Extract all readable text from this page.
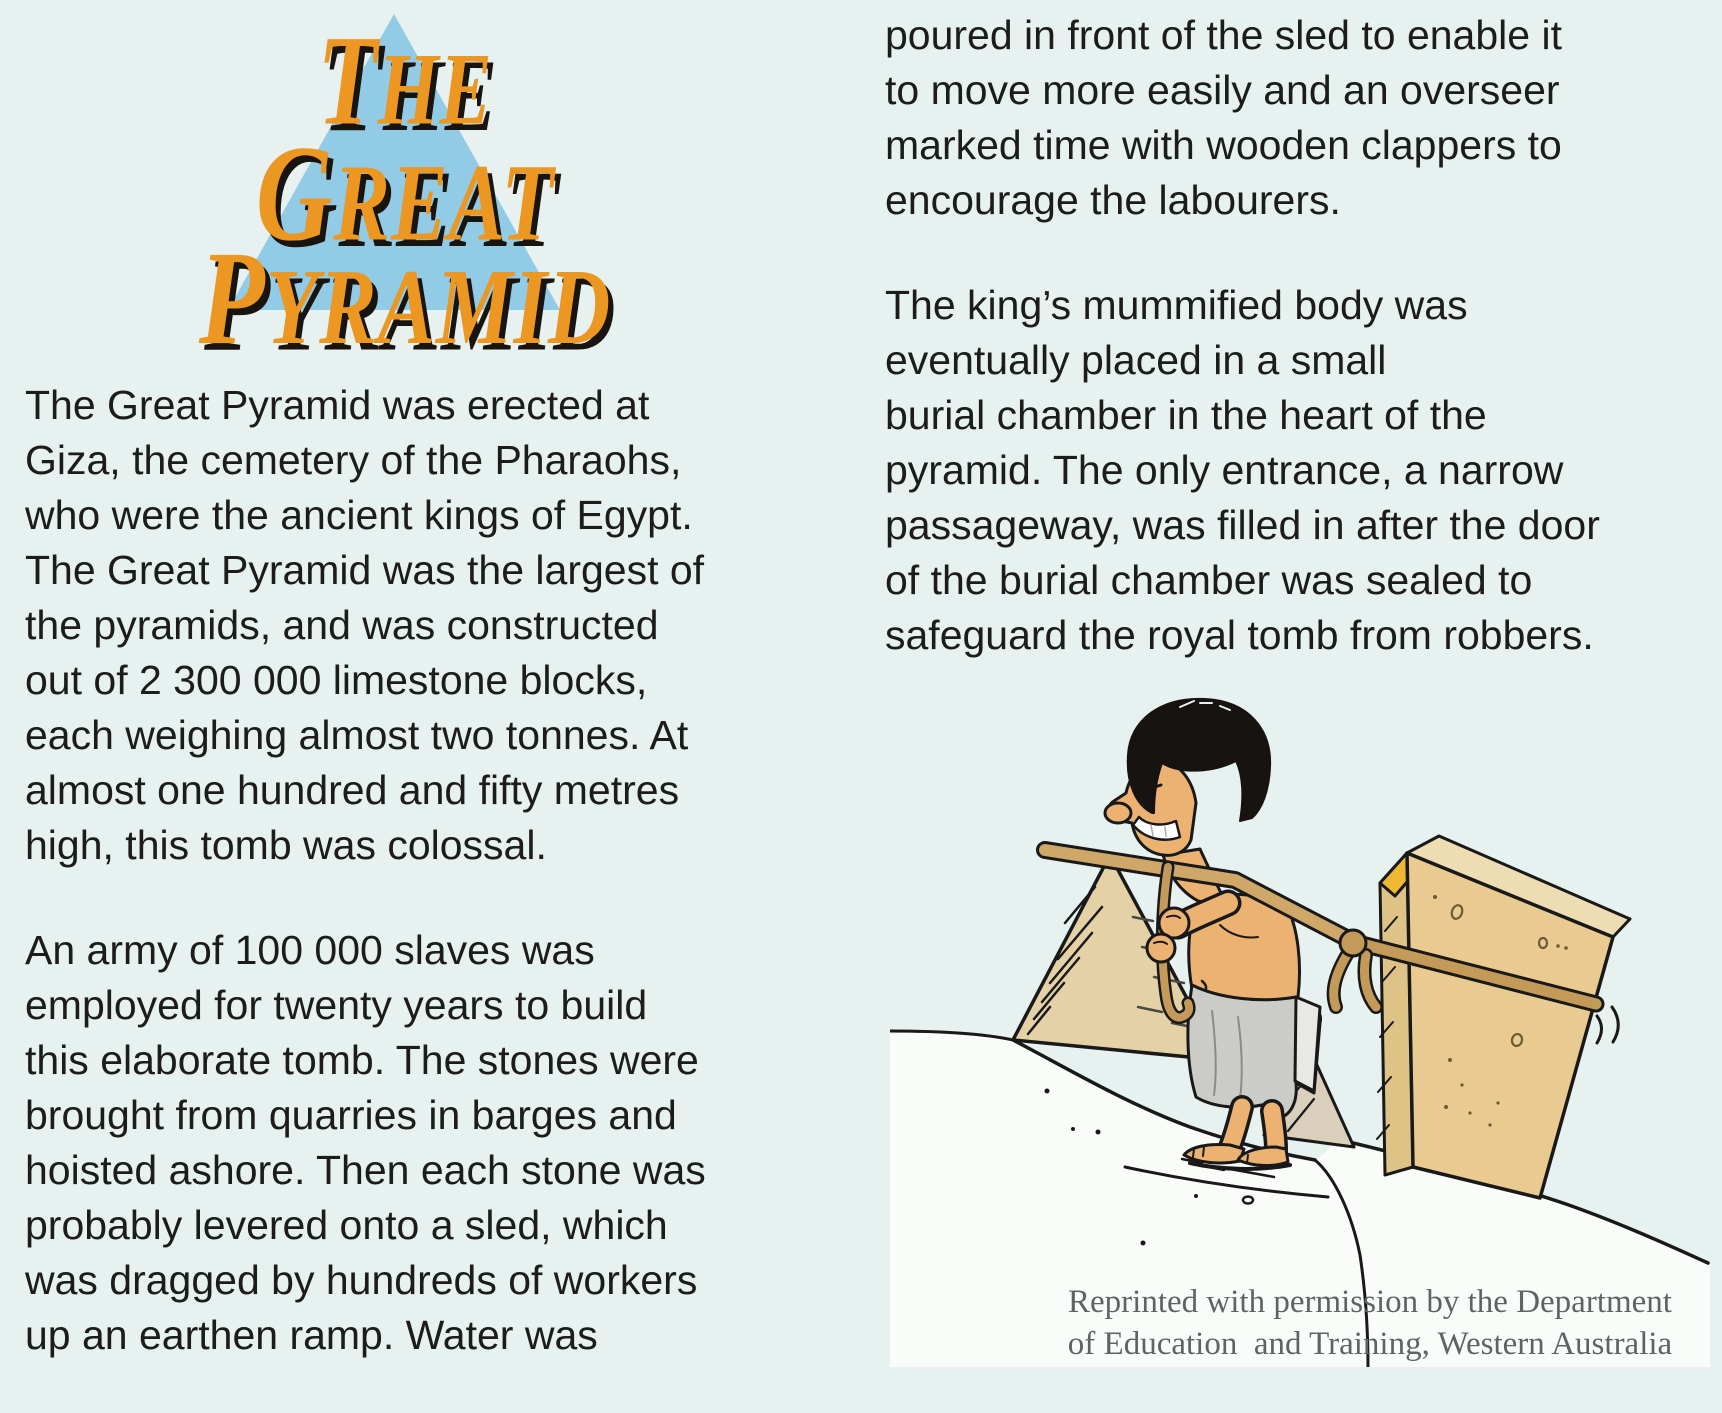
THE
GREAT
PYRAMID
The Great Pyramid was erected at
Giza, the cemetery of the Pharaohs,
who were the ancient kings of Egypt.
The Great Pyramid was the largest of
the pyramids, and was constructed
out of 2 300 000 limestone blocks,
each weighing almost two tonnes. At
almost one hundred and fifty metres
high, this tomb was colossal.
An army of 100 000 slaves was
employed for twenty years to build
this elaborate tomb. The stones were
brought from quarries in barges and
hoisted ashore. Then each stone was
probably levered onto a sled, which
was dragged by hundreds of workers
up an earthen ramp. Water was
poured in front of the sled to enable it
to move more easily and an overseer
marked time with wooden clappers to
encourage the labourers.
The king’s mummified body was
eventually placed in a small
burial chamber in the heart of the
pyramid. The only entrance, a narrow
passageway, was filled in after the door
of the burial chamber was sealed to
safeguard the royal tomb from robbers.
Reprinted with permission by the Department
of Education  and Training, Western Australia
